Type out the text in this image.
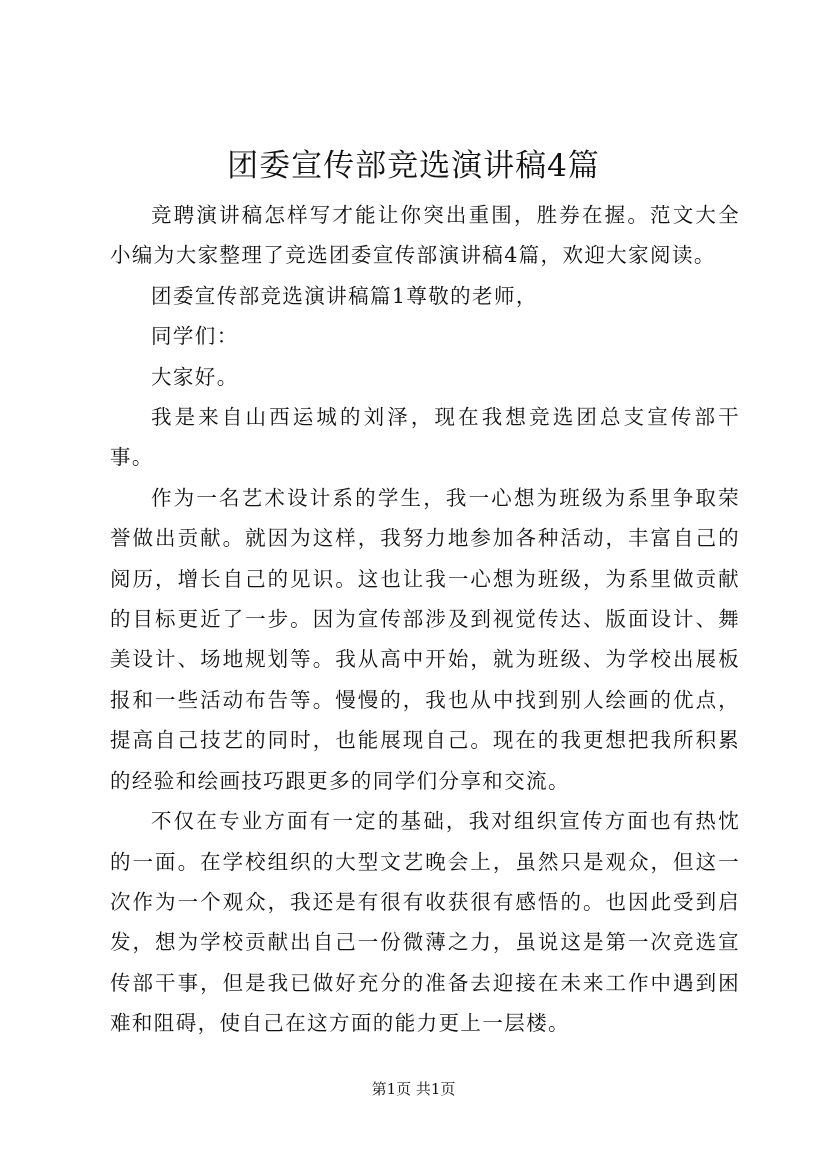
团委宣传部竞选演讲稿4篇

竞聘演讲稿怎样写才能让你突出重围，胜券在握。范文大全小编为大家整理了竞选团委宣传部演讲稿4篇，欢迎大家阅读。

团委宣传部竞选演讲稿篇1尊敬的老师，

同学们：

大家好。

我是来自山西运城的刘泽，现在我想竞选团总支宣传部干事。

作为一名艺术设计系的学生，我一心想为班级为系里争取荣誉做出贡献。就因为这样，我努力地参加各种活动，丰富自己的阅历，增长自己的见识。这也让我一心想为班级，为系里做贡献的目标更近了一步。因为宣传部涉及到视觉传达、版面设计、舞美设计、场地规划等。我从高中开始，就为班级、为学校出展板报和一些活动布告等。慢慢的，我也从中找到别人绘画的优点，提高自己技艺的同时，也能展现自己。现在的我更想把我所积累的经验和绘画技巧跟更多的同学们分享和交流。

不仅在专业方面有一定的基础，我对组织宣传方面也有热忱的一面。在学校组织的大型文艺晚会上，虽然只是观众，但这一次作为一个观众，我还是有很有收获很有感悟的。也因此受到启发，想为学校贡献出自己一份微薄之力，虽说这是第一次竞选宣传部干事，但是我已做好充分的准备去迎接在未来工作中遇到困难和阻碍，使自己在这方面的能力更上一层楼。

第1页 共1页
